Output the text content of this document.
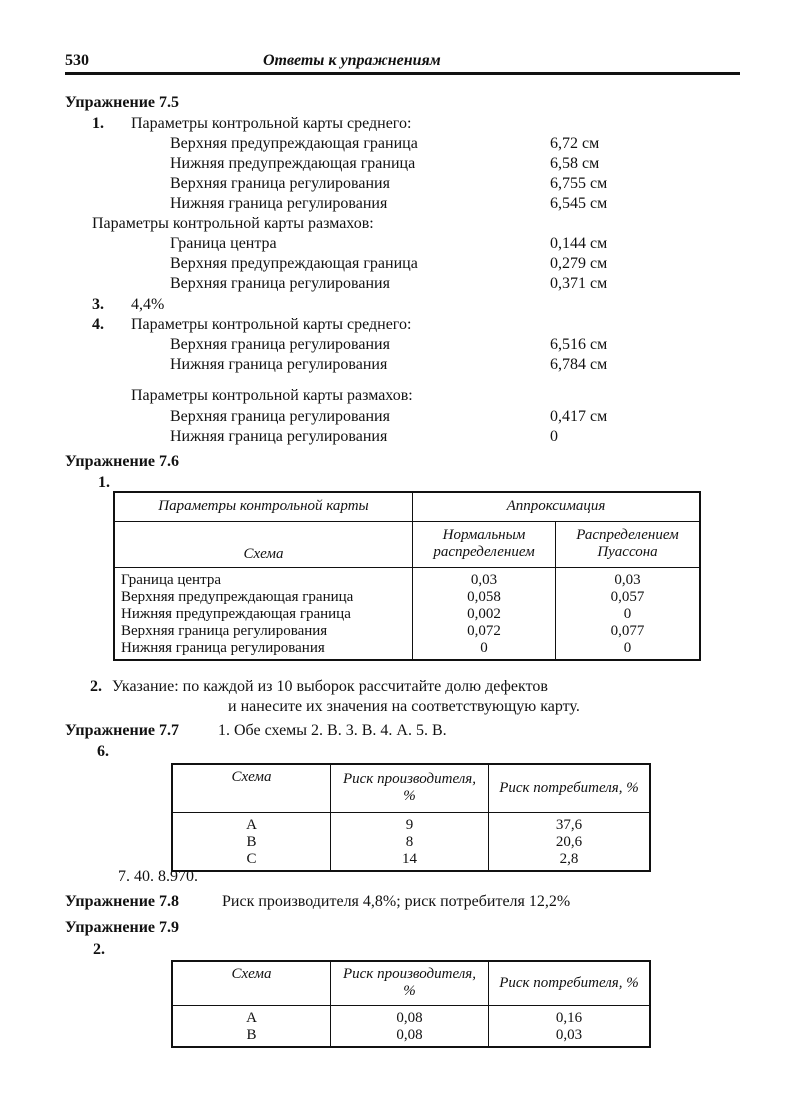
530	Ответы к упражнениям
Упражнение 7.5
1. Параметры контрольной карты среднего:
Верхняя предупреждающая граница	6,72 см
Нижняя предупреждающая граница	6,58 см
Верхняя граница регулирования	6,755 см
Нижняя граница регулирования	6,545 см
Параметры контрольной карты размахов:
Граница центра	0,144 см
Верхняя предупреждающая граница	0,279 см
Верхняя граница регулирования	0,371 см
3. 4,4%
4. Параметры контрольной карты среднего:
Верхняя граница регулирования	6,516 см
Нижняя граница регулирования	6,784 см
Параметры контрольной карты размахов:
Верхняя граница регулирования	0,417 см
Нижняя граница регулирования	0
Упражнение 7.6
1.
2. Указание: по каждой из 10 выборок рассчитайте долю дефектов
и нанесите их значения на соответствующую карту.
Упражнение 7.7 1. Обе схемы 2. В. 3. В. 4. А. 5. В.
6.
7. 40. 8.970.
Упражнение 7.8	Риск производителя 4,8%; риск потребителя 12,2%
Упражнение 7.9
2.
Параметры контрольной карты	Аппроксимация	
Схема	Нормальным распределением	Распределением Пуассона
Граница центра	0,03	0,03
Верхняя предупреждающая граница	0,058	0,057
Нижняя предупреждающая граница	0,002	0
Верхняя граница регулирования	0,072	0,077
Нижняя граница регулирования	0	0
Схема	Риск производителя, %	Риск потребителя, %
A	9	37,6
B	8	20,6
C	14	2,8
Схема	Риск производителя, %	Риск потребителя, %
A	0,08	0,16
B	0,08	0,03
